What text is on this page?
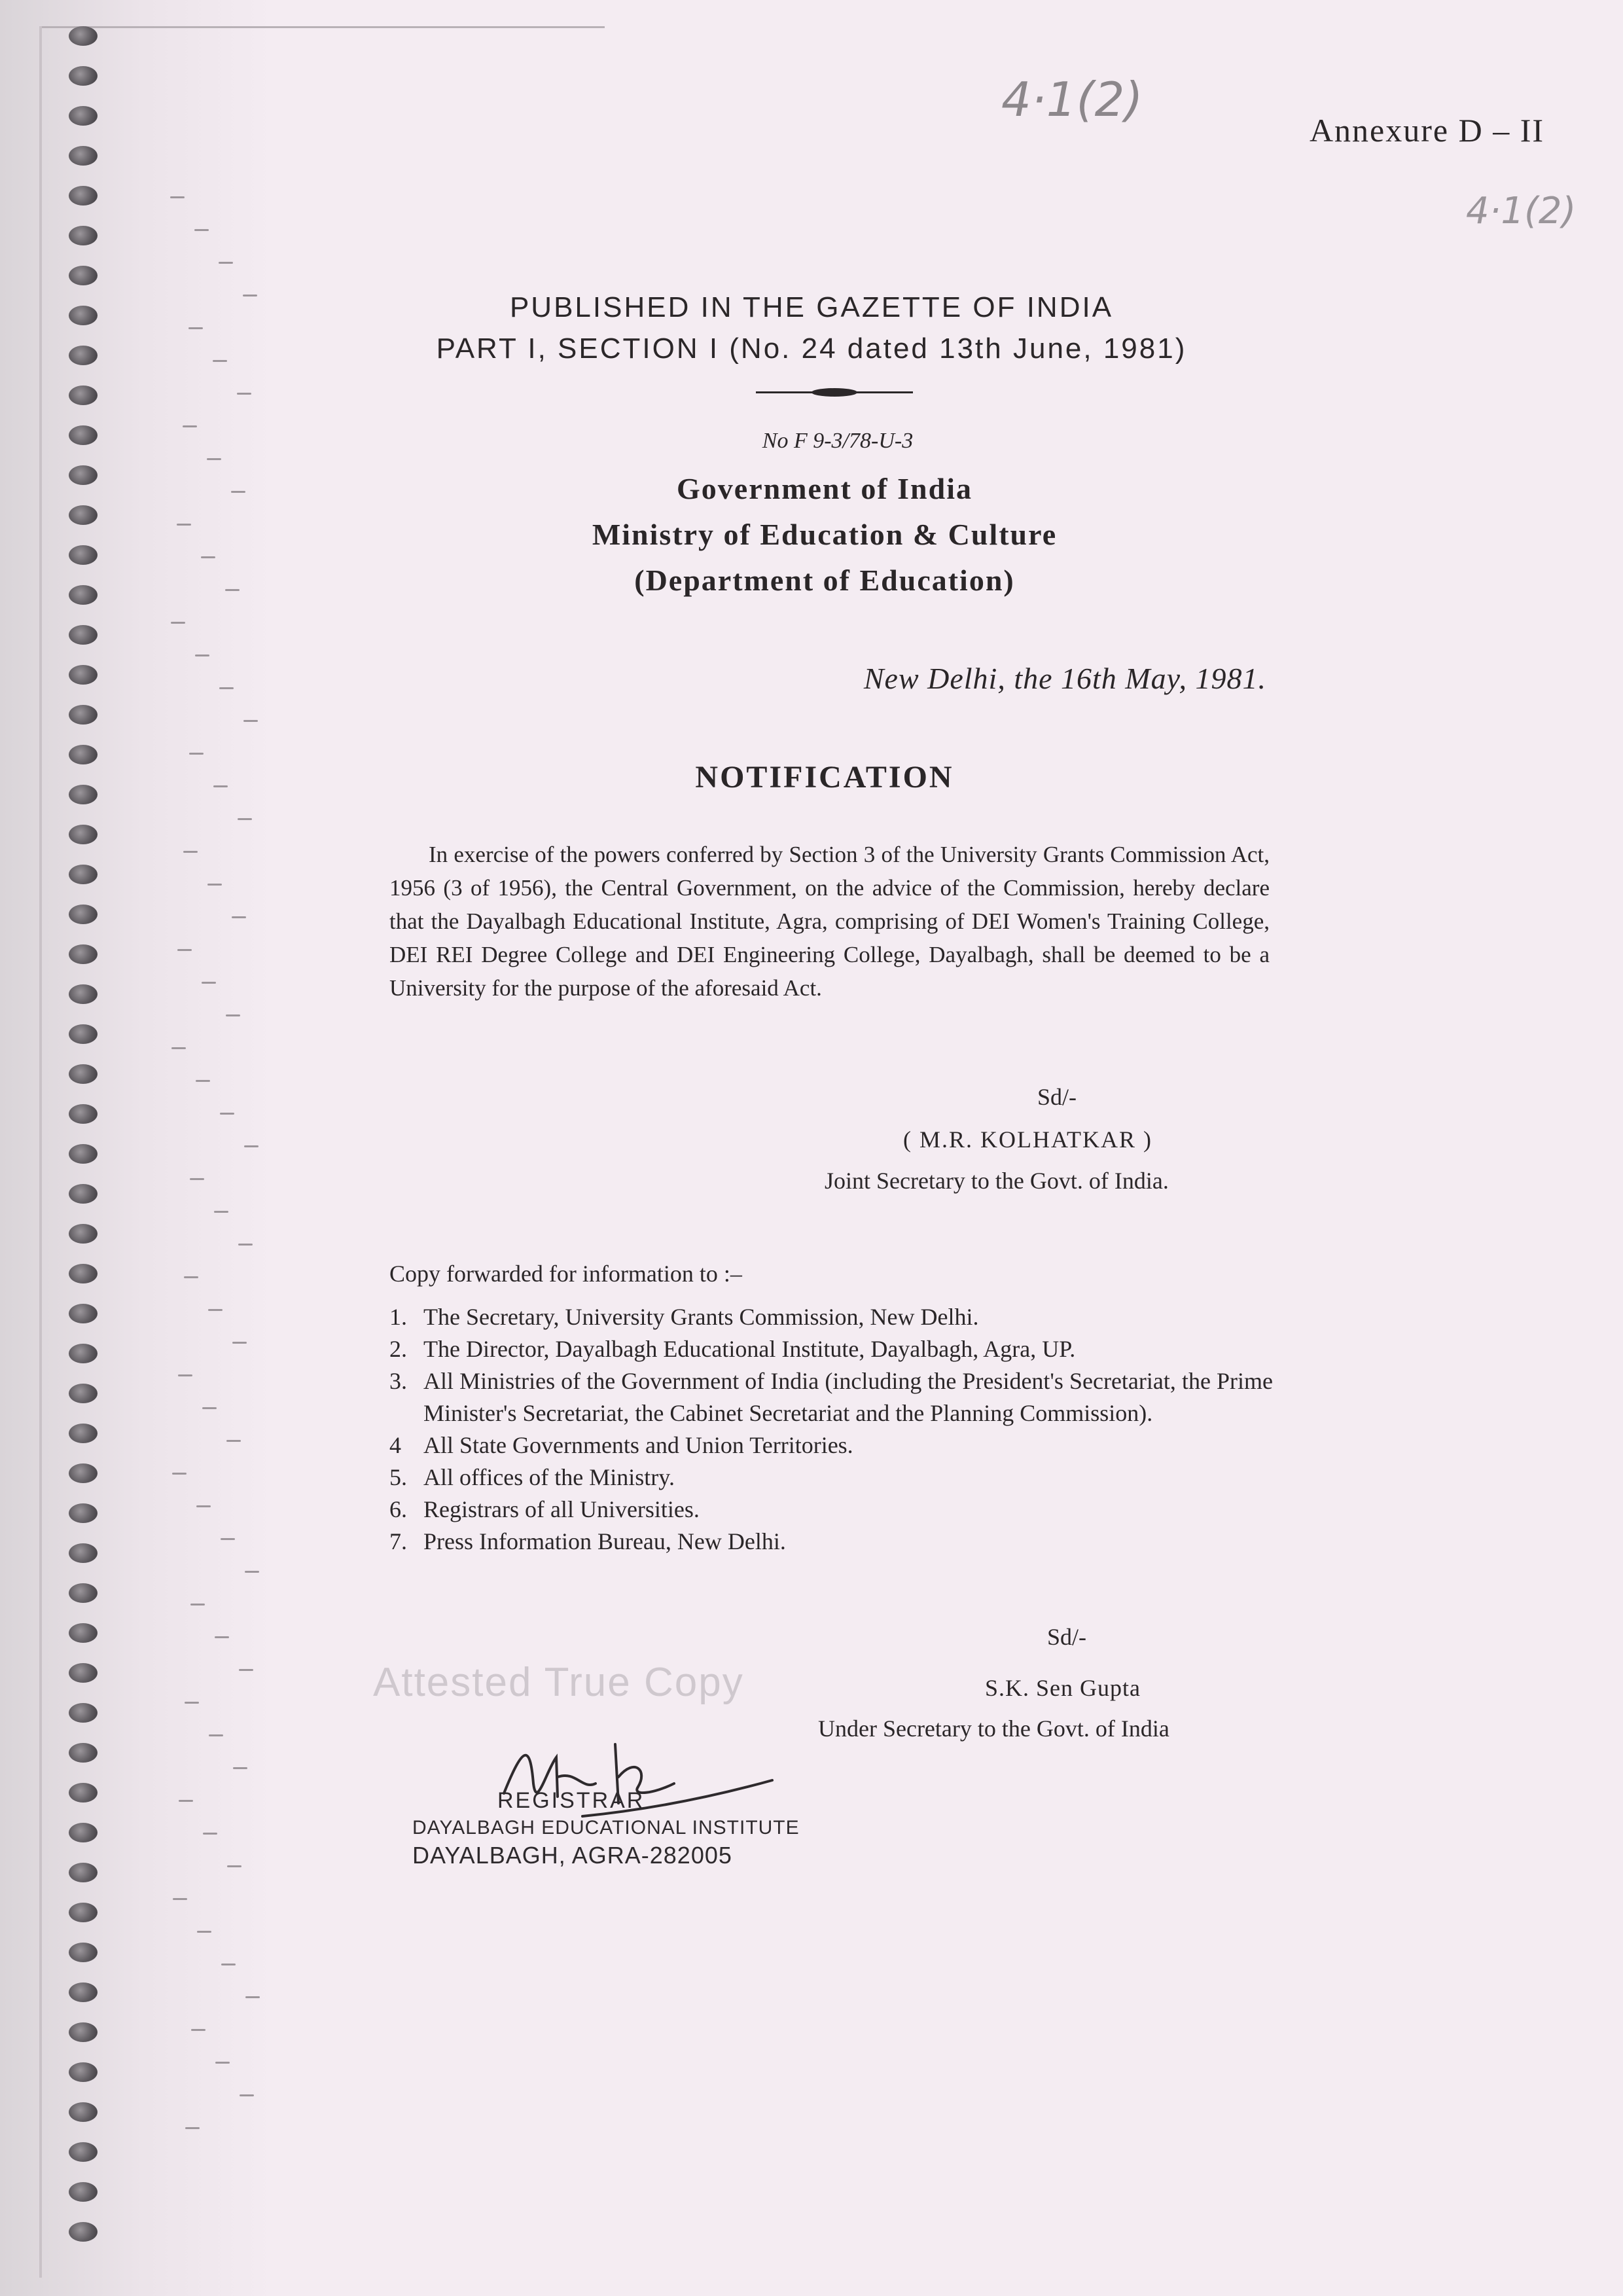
4·1(2)
4·1(2)
Annexure D – II
PUBLISHED IN THE GAZETTE OF INDIA
PART I, SECTION I (No. 24 dated 13th June, 1981)
No F 9-3/78-U-3
Government of India
Ministry of Education & Culture
(Department of Education)
New Delhi, the 16th May, 1981.
NOTIFICATION
In exercise of the powers conferred by Section 3 of the University Grants Commission Act, 1956 (3 of 1956), the Central Government, on the advice of the Commission, hereby declare that the Dayalbagh Educational Institute, Agra, comprising of DEI Women's Training College, DEI REI Degree College and DEI Engineering College, Dayalbagh, shall be deemed to be a University for the purpose of the aforesaid Act.
Sd/-
( M.R. KOLHATKAR )
Joint Secretary to the Govt. of India.
Copy forwarded for information to :–
1. The Secretary, University Grants Commission, New Delhi.
2. The Director, Dayalbagh Educational Institute, Dayalbagh, Agra, UP.
3. All Ministries of the Government of India (including the President's Secretariat, the Prime Minister's Secretariat, the Cabinet Secretariat and the Planning Commission).
4 All State Governments and Union Territories.
5. All offices of the Ministry.
6. Registrars of all Universities.
7. Press Information Bureau, New Delhi.
Sd/-
S.K. Sen Gupta
Under Secretary to the Govt. of India
Attested True Copy
REGISTRAR
DAYALBAGH EDUCATIONAL INSTITUTE
DAYALBAGH, AGRA-282005
